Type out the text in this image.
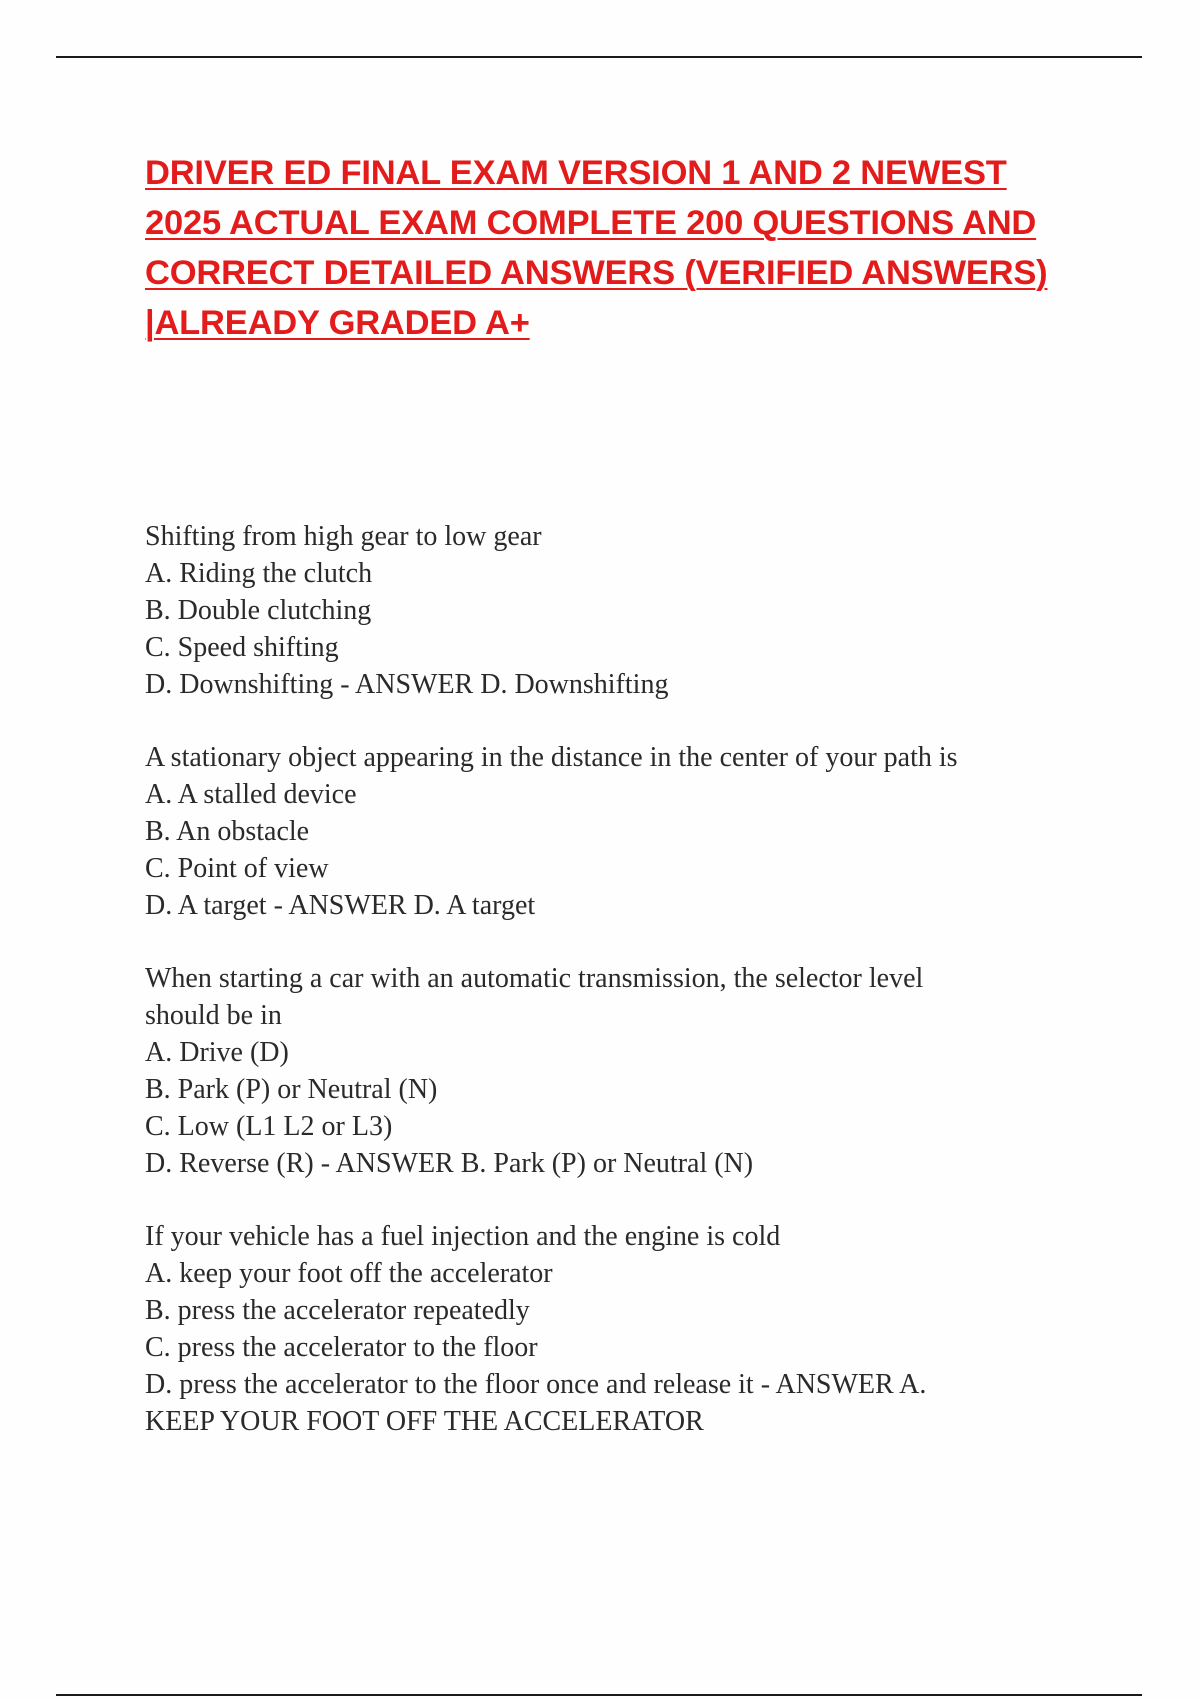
DRIVER ED FINAL EXAM VERSION 1 AND 2 NEWEST
2025 ACTUAL EXAM COMPLETE 200 QUESTIONS AND
CORRECT DETAILED ANSWERS (VERIFIED ANSWERS)
|ALREADY GRADED A+
Shifting from high gear to low gear
A. Riding the clutch
B. Double clutching
C. Speed shifting
D. Downshifting - ANSWER D. Downshifting
A stationary object appearing in the distance in the center of your path is
A. A stalled device
B. An obstacle
C. Point of view
D. A target - ANSWER D. A target
When starting a car with an automatic transmission, the selector level
should be in
A. Drive (D)
B. Park (P) or Neutral (N)
C. Low (L1 L2 or L3)
D. Reverse (R) - ANSWER B. Park (P) or Neutral (N)
If your vehicle has a fuel injection and the engine is cold
A. keep your foot off the accelerator
B. press the accelerator repeatedly
C. press the accelerator to the floor
D. press the accelerator to the floor once and release it - ANSWER A.
KEEP YOUR FOOT OFF THE ACCELERATOR
